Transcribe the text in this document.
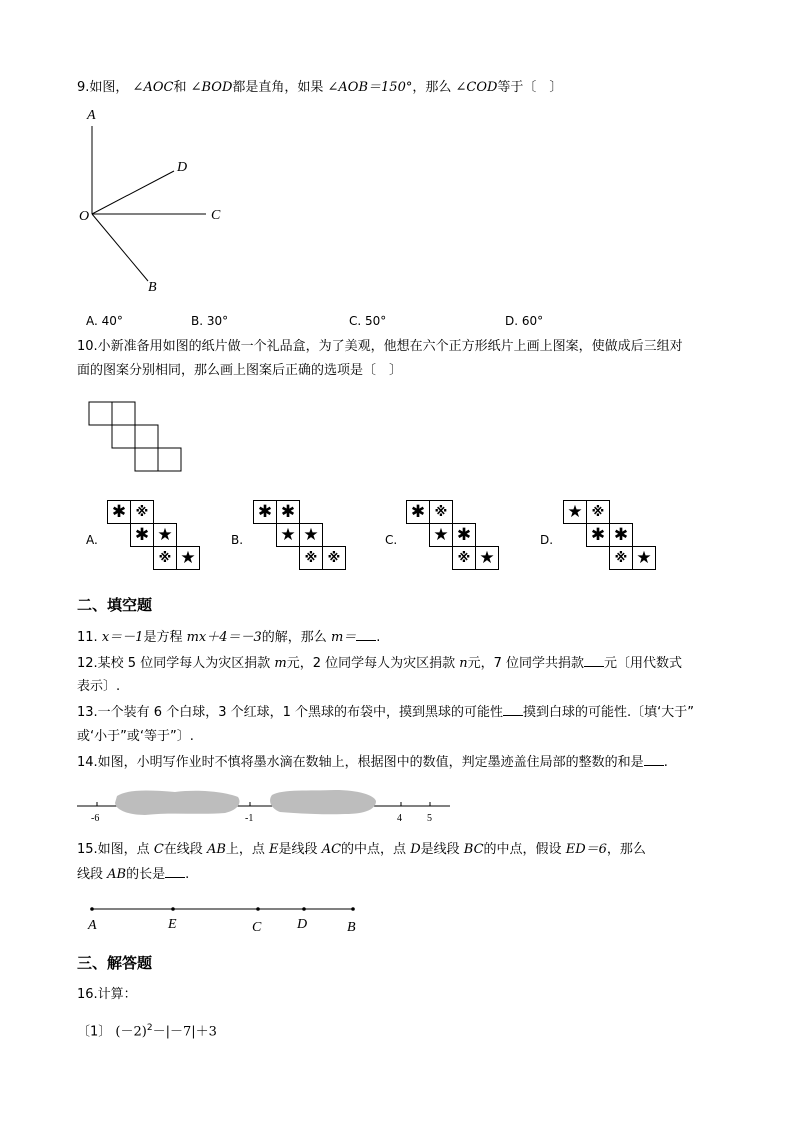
9.如图， ∠AOC和 ∠BOD都是直角，如果 ∠AOB＝150°，那么 ∠COD等于〔　〕
A
D
O	C
B
A. 40°	B. 30°	C. 50°	D. 60°
10.小新准备用如图的纸片做一个礼品盒，为了美观，他想在六个正方形纸片上画上图案，使做成后三组对
面的图案分别相同，那么画上图案后正确的选项是〔　〕
A.	B.	C.	D.
✱ ※
✱ ★
※ ★
✱ ✱
★ ★
※ ※
✱ ※
★ ✱
※ ★
★ ※
✱ ✱
※ ★
二、填空题
11. x＝－1是方程 mx＋4＝－3的解，那么 m＝ .
12.某校 5 位同学每人为灾区捐款 m元，2 位同学每人为灾区捐款 n元，7 位同学共捐款 元〔用代数式
表示〕.
13.一个装有 6 个白球，3 个红球，1 个黑球的布袋中，摸到黑球的可能性 摸到白球的可能性.〔填‘大于”
或‘小于”或‘等于”〕.
14.如图，小明写作业时不慎将墨水滴在数轴上，根据图中的数值，判定墨迹盖住局部的整数的和是 .
-6	-1	4	5
15.如图，点 C在线段 AB上，点 E是线段 AC的中点，点 D是线段 BC的中点，假设 ED＝6，那么
线段 AB的长是 .
A	E	C	D	B
三、解答题
16.计算：
〔1〕 $(-2)^2-|-7|+3$
